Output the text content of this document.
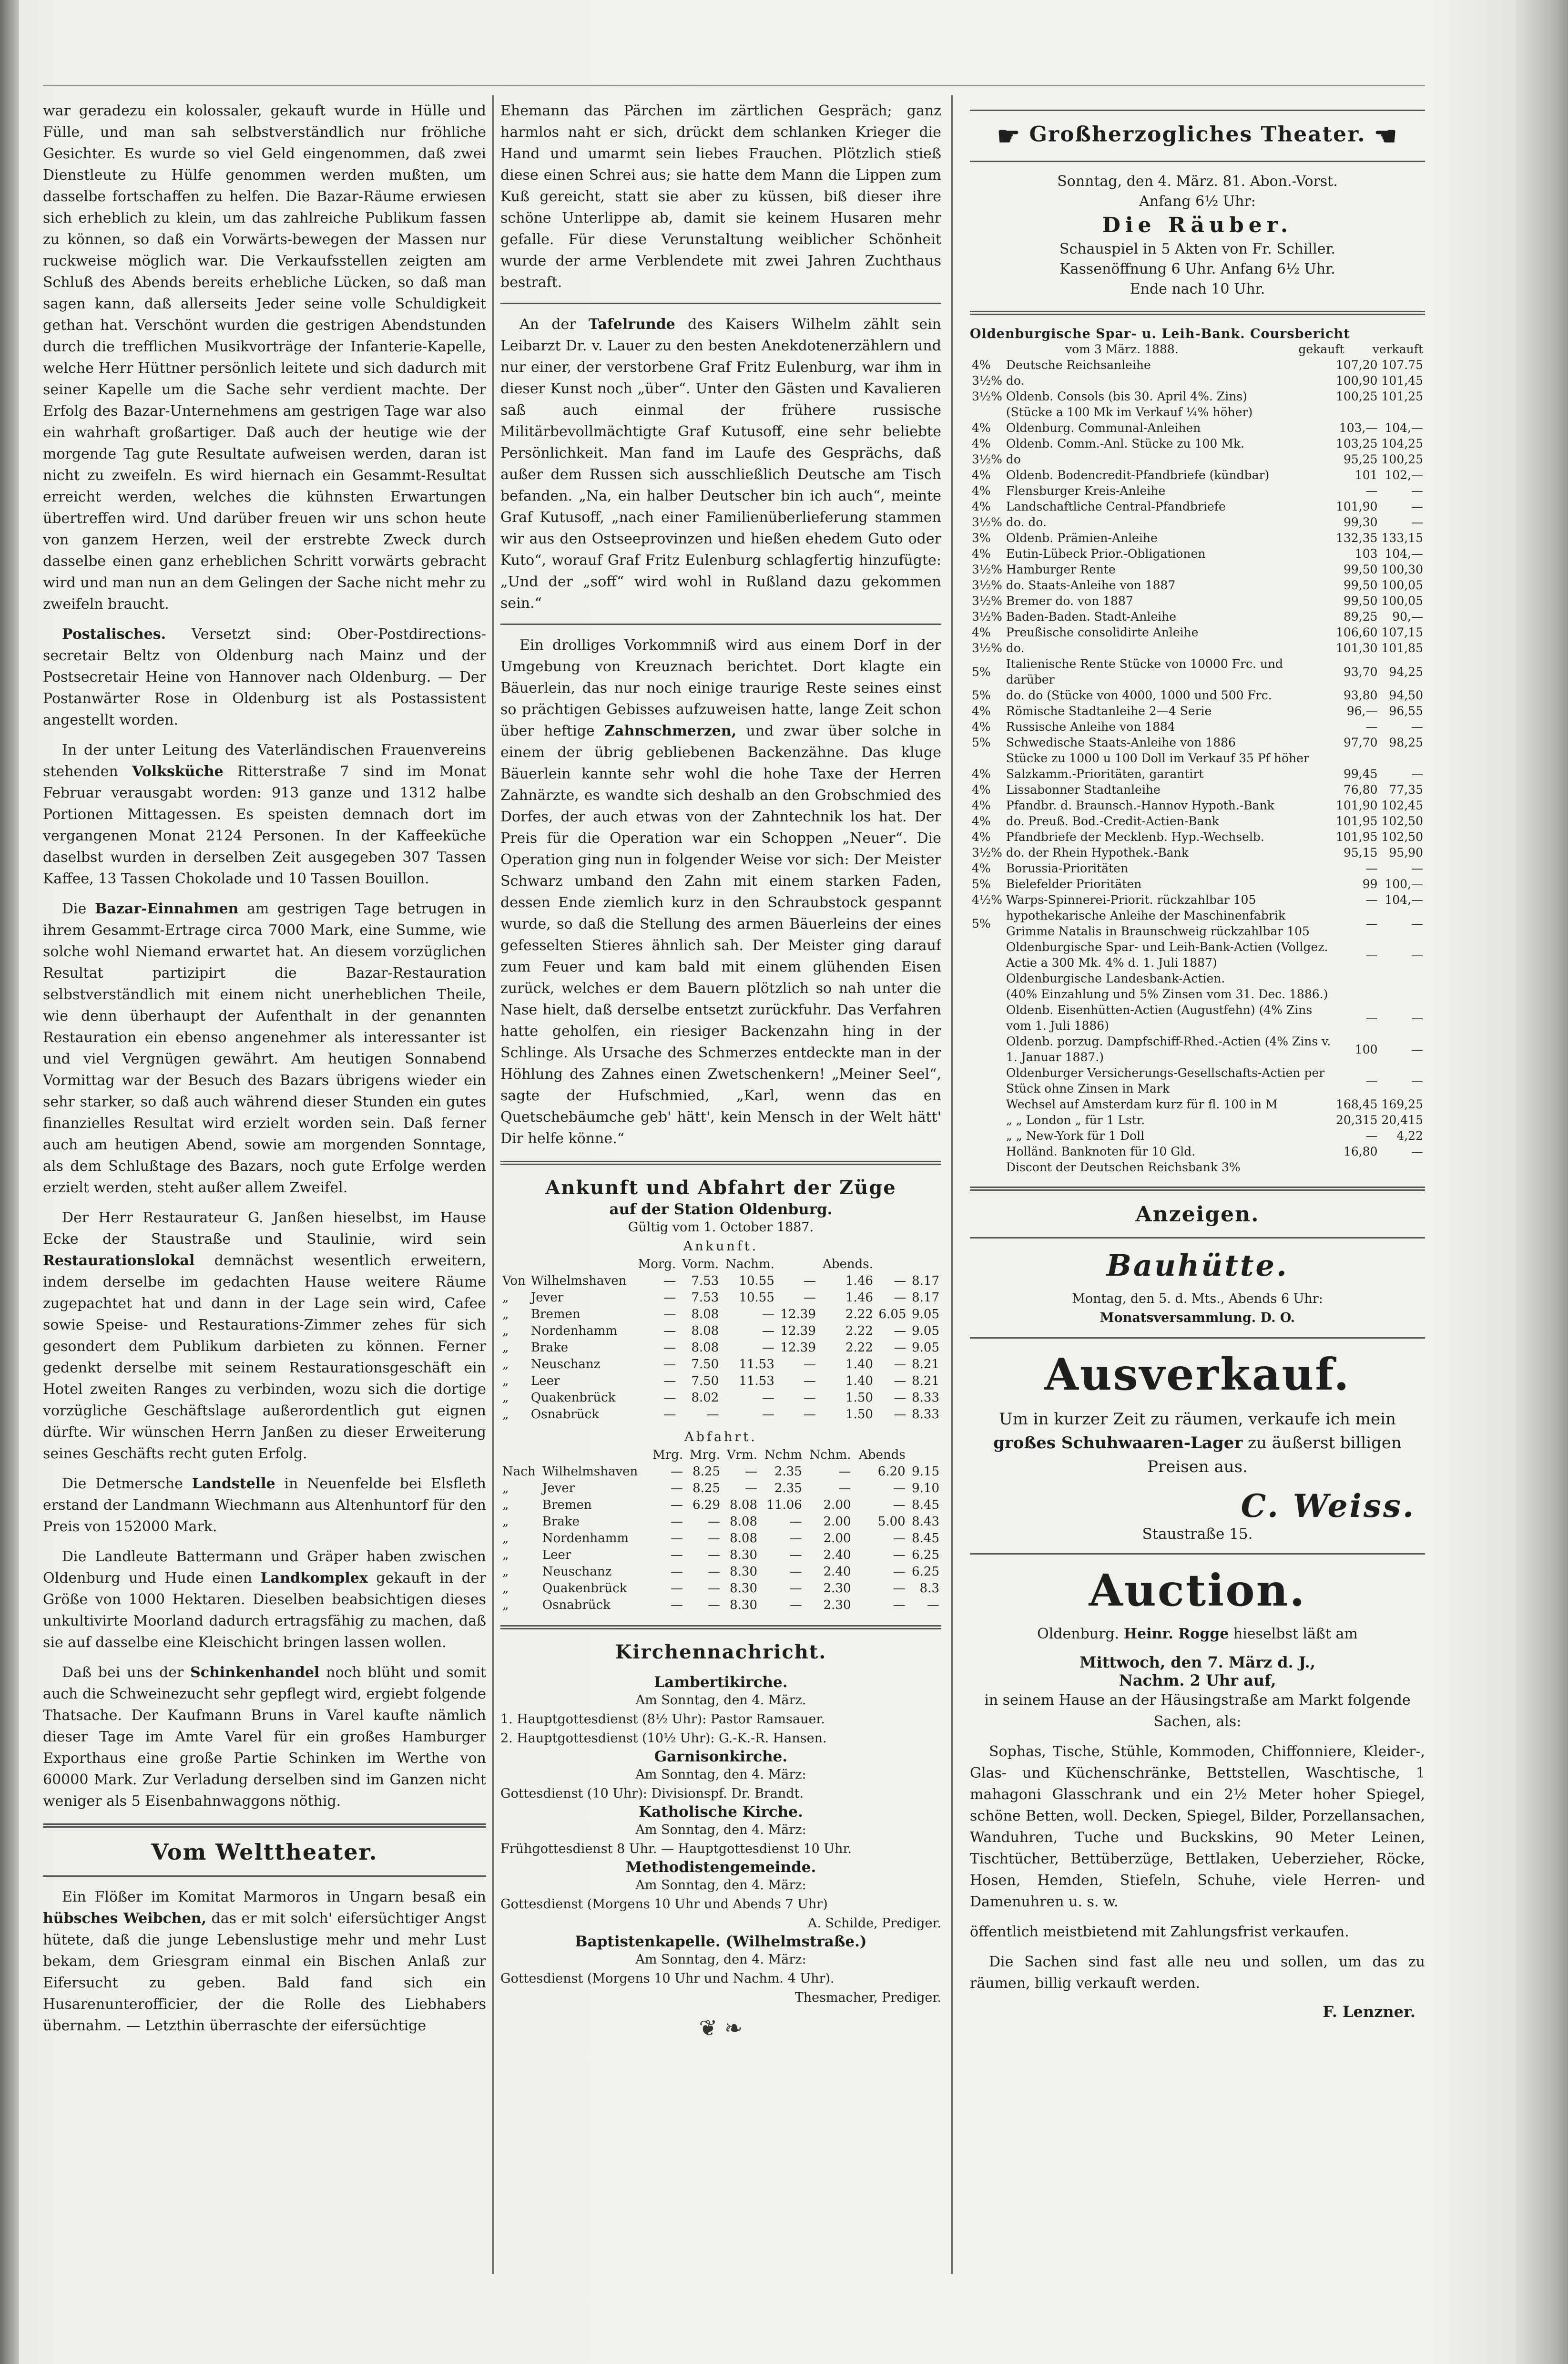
war geradezu ein kolossaler, gekauft wurde in Hülle und Fülle, und man sah selbstverständlich nur fröhliche Gesichter. Es wurde so viel Geld eingenommen, daß zwei Dienstleute zu Hülfe genommen werden mußten, um dasselbe fortschaffen zu helfen. Die Bazar-Räume erwiesen sich erheblich zu klein, um das zahlreiche Publikum fassen zu können, so daß ein Vorwärts-bewegen der Massen nur ruckweise möglich war. Die Verkaufsstellen zeigten am Schluß des Abends bereits erhebliche Lücken, so daß man sagen kann, daß allerseits Jeder seine volle Schuldigkeit gethan hat. Verschönt wurden die gestrigen Abendstunden durch die trefflichen Musikvorträge der Infanterie-Kapelle, welche Herr Hüttner persönlich leitete und sich dadurch mit seiner Kapelle um die Sache sehr verdient machte. Der Erfolg des Bazar-Unternehmens am gestrigen Tage war also ein wahrhaft großartiger. Daß auch der heutige wie der morgende Tag gute Resultate aufweisen werden, daran ist nicht zu zweifeln. Es wird hiernach ein Gesammt-Resultat erreicht werden, welches die kühnsten Erwartungen übertreffen wird. Und darüber freuen wir uns schon heute von ganzem Herzen, weil der erstrebte Zweck durch dasselbe einen ganz erheblichen Schritt vorwärts gebracht wird und man nun an dem Gelingen der Sache nicht mehr zu zweifeln braucht.

Postalisches. Versetzt sind: Ober-Postdirections-secretair Beltz von Oldenburg nach Mainz und der Postsecretair Heine von Hannover nach Oldenburg. — Der Postanwärter Rose in Oldenburg ist als Postassistent angestellt worden.

In der unter Leitung des Vaterländischen Frauenvereins stehenden Volksküche Ritterstraße 7 sind im Monat Februar verausgabt worden: 913 ganze und 1312 halbe Portionen Mittagessen. Es speisten demnach dort im vergangenen Monat 2124 Personen. In der Kaffeeküche daselbst wurden in derselben Zeit ausgegeben 307 Tassen Kaffee, 13 Tassen Chokolade und 10 Tassen Bouillon.

Die Bazar-Einnahmen am gestrigen Tage betrugen in ihrem Gesammt-Ertrage circa 7000 Mark, eine Summe, wie solche wohl Niemand erwartet hat. An diesem vorzüglichen Resultat partizipirt die Bazar-Restauration selbstverständlich mit einem nicht unerheblichen Theile, wie denn überhaupt der Aufenthalt in der genannten Restauration ein ebenso angenehmer als interessanter ist und viel Vergnügen gewährt. Am heutigen Sonnabend Vormittag war der Besuch des Bazars übrigens wieder ein sehr starker, so daß auch während dieser Stunden ein gutes finanzielles Resultat wird erzielt worden sein. Daß ferner auch am heutigen Abend, sowie am morgenden Sonntage, als dem Schlußtage des Bazars, noch gute Erfolge werden erzielt werden, steht außer allem Zweifel.

Der Herr Restaurateur G. Janßen hieselbst, im Hause Ecke der Staustraße und Staulinie, wird sein Restaurationslokal demnächst wesentlich erweitern, indem derselbe im gedachten Hause weitere Räume zugepachtet hat und dann in der Lage sein wird, Cafee sowie Speise- und Restaurations-Zimmer zehes für sich gesondert dem Publikum darbieten zu können. Ferner gedenkt derselbe mit seinem Restaurationsgeschäft ein Hotel zweiten Ranges zu verbinden, wozu sich die dortige vorzügliche Geschäftslage außerordentlich gut eignen dürfte. Wir wünschen Herrn Janßen zu dieser Erweiterung seines Geschäfts recht guten Erfolg.

Die Detmersche Landstelle in Neuenfelde bei Elsfleth erstand der Landmann Wiechmann aus Altenhuntorf für den Preis von 152000 Mark.

Die Landleute Battermann und Gräper haben zwischen Oldenburg und Hude einen Landkomplex gekauft in der Größe von 1000 Hektaren. Dieselben beabsichtigen dieses unkultivirte Moorland dadurch ertragsfähig zu machen, daß sie auf dasselbe eine Kleischicht bringen lassen wollen.

Daß bei uns der Schinkenhandel noch blüht und somit auch die Schweinezucht sehr gepflegt wird, ergiebt folgende Thatsache. Der Kaufmann Bruns in Varel kaufte nämlich dieser Tage im Amte Varel für ein großes Hamburger Exporthaus eine große Partie Schinken im Werthe von 60000 Mark. Zur Verladung derselben sind im Ganzen nicht weniger als 5 Eisenbahnwaggons nöthig.

Vom Welttheater.

Ein Flößer im Komitat Marmoros in Ungarn besaß ein hübsches Weibchen, das er mit solch' eifersüchtiger Angst hütete, daß die junge Lebenslustige mehr und mehr Lust bekam, dem Griesgram einmal ein Bischen Anlaß zur Eifersucht zu geben. Bald fand sich ein Husarenunterofficier, der die Rolle des Liebhabers übernahm. — Letzthin überraschte der eifersüchtige

Ehemann das Pärchen im zärtlichen Gespräch; ganz harmlos naht er sich, drückt dem schlanken Krieger die Hand und umarmt sein liebes Frauchen. Plötzlich stieß diese einen Schrei aus; sie hatte dem Mann die Lippen zum Kuß gereicht, statt sie aber zu küssen, biß dieser ihre schöne Unterlippe ab, damit sie keinem Husaren mehr gefalle. Für diese Verunstaltung weiblicher Schönheit wurde der arme Verblendete mit zwei Jahren Zuchthaus bestraft.

An der Tafelrunde des Kaisers Wilhelm zählt sein Leibarzt Dr. v. Lauer zu den besten Anekdotenerzählern und nur einer, der verstorbene Graf Fritz Eulenburg, war ihm in dieser Kunst noch „über“. Unter den Gästen und Kavalieren saß auch einmal der frühere russische Militärbevollmächtigte Graf Kutusoff, eine sehr beliebte Persönlichkeit. Man fand im Laufe des Gesprächs, daß außer dem Russen sich ausschließlich Deutsche am Tisch befanden. „Na, ein halber Deutscher bin ich auch“, meinte Graf Kutusoff, „nach einer Familienüberlieferung stammen wir aus den Ostseeprovinzen und hießen ehedem Guto oder Kuto“, worauf Graf Fritz Eulenburg schlagfertig hinzufügte: „Und der „soff“ wird wohl in Rußland dazu gekommen sein.“

Ein drolliges Vorkommniß wird aus einem Dorf in der Umgebung von Kreuznach berichtet. Dort klagte ein Bäuerlein, das nur noch einige traurige Reste seines einst so prächtigen Gebisses aufzuweisen hatte, lange Zeit schon über heftige Zahnschmerzen, und zwar über solche in einem der übrig gebliebenen Backenzähne. Das kluge Bäuerlein kannte sehr wohl die hohe Taxe der Herren Zahnärzte, es wandte sich deshalb an den Grobschmied des Dorfes, der auch etwas von der Zahntechnik los hat. Der Preis für die Operation war ein Schoppen „Neuer“. Die Operation ging nun in folgender Weise vor sich: Der Meister Schwarz umband den Zahn mit einem starken Faden, dessen Ende ziemlich kurz in den Schraubstock gespannt wurde, so daß die Stellung des armen Bäuerleins der eines gefesselten Stieres ähnlich sah. Der Meister ging darauf zum Feuer und kam bald mit einem glühenden Eisen zurück, welches er dem Bauern plötzlich so nah unter die Nase hielt, daß derselbe entsetzt zurückfuhr. Das Verfahren hatte geholfen, ein riesiger Backenzahn hing in der Schlinge. Als Ursache des Schmerzes entdeckte man in der Höhlung des Zahnes einen Zwetschenkern! „Meiner Seel“, sagte der Hufschmied, „Karl, wenn das en Quetschebäumche geb' hätt', kein Mensch in der Welt hätt' Dir helfe könne.“

Ankunft und Abfahrt der Züge
auf der Station Oldenburg.
Gültig vom 1. October 1887.
Ankunft.
		Morg.	Vorm.	Nachm.		Abends.		
Von	Wilhelmshaven	—	7.53	10.55	—	1.46	—	8.17
„	Jever	—	7.53	10.55	—	1.46	—	8.17
„	Bremen	—	8.08	—	12.39	2.22	6.05	9.05
„	Nordenhamm	—	8.08	—	12.39	2.22	—	9.05
„	Brake	—	8.08	—	12.39	2.22	—	9.05
„	Neuschanz	—	7.50	11.53	—	1.40	—	8.21
„	Leer	—	7.50	11.53	—	1.40	—	8.21
„	Quakenbrück	—	8.02	—	—	1.50	—	8.33
„	Osnabrück	—	—	—	—	1.50	—	8.33
Abfahrt.
		Mrg.	Mrg.	Vrm.	Nchm	Nchm.	Abends	
Nach	Wilhelmshaven	—	8.25	—	2.35	—	6.20	9.15
„	Jever	—	8.25	—	2.35	—	—	9.10
„	Bremen	—	6.29	8.08	11.06	2.00	—	8.45
„	Brake	—	—	8.08	—	2.00	5.00	8.43
„	Nordenhamm	—	—	8.08	—	2.00	—	8.45
„	Leer	—	—	8.30	—	2.40	—	6.25
„	Neuschanz	—	—	8.30	—	2.40	—	6.25
„	Quakenbrück	—	—	8.30	—	2.30	—	8.3
„	Osnabrück	—	—	8.30	—	2.30	—	—
Kirchennachricht.
Lambertikirche.
Am Sonntag, den 4. März.
1. Hauptgottesdienst (8½ Uhr): Pastor Ramsauer.
2. Hauptgottesdienst (10½ Uhr): G.-K.-R. Hansen.
Garnisonkirche.
Am Sonntag, den 4. März:
Gottesdienst (10 Uhr): Divisionspf. Dr. Brandt.
Katholische Kirche.
Am Sonntag, den 4. März:
Frühgottesdienst 8 Uhr. — Hauptgottesdienst 10 Uhr.
Methodistengemeinde.
Am Sonntag, den 4. März:
Gottesdienst (Morgens 10 Uhr und Abends 7 Uhr)
A. Schilde, Prediger.
Baptistenkapelle. (Wilhelmstraße.)
Am Sonntag, den 4. März:
Gottesdienst (Morgens 10 Uhr und Nachm. 4 Uhr).
Thesmacher, Prediger.
❦ ❧
☛ Großherzogliches Theater. ☚
Sonntag, den 4. März. 81. Abon.-Vorst.
Anfang 6½ Uhr:
Die Räuber.
Schauspiel in 5 Akten von Fr. Schiller.
Kassenöffnung 6 Uhr. Anfang 6½ Uhr.
Ende nach 10 Uhr.
Oldenburgische Spar- u. Leih-Bank. Coursbericht
vom 3 März. 1888.	gekauft	verkauft
4%	Deutsche Reichsanleihe	107,20	107.75
3½%	do.	100,90	101,45
3½%	Oldenb. Consols (bis 30. April 4%. Zins)	100,25	101,25
	(Stücke a 100 Mk im Verkauf ¼% höher)		
4%	Oldenburg. Communal-Anleihen	103,—	104,—
4%	Oldenb. Comm.-Anl. Stücke zu 100 Mk.	103,25	104,25
3½%	do	95,25	100,25
4%	Oldenb. Bodencredit-Pfandbriefe (kündbar)	101	102,—
4%	Flensburger Kreis-Anleihe	—	—
4%	Landschaftliche Central-Pfandbriefe	101,90	—
3½%	do. do.	99,30	—
3%	Oldenb. Prämien-Anleihe	132,35	133,15
4%	Eutin-Lübeck Prior.-Obligationen	103	104,—
3½%	Hamburger Rente	99,50	100,30
3½%	do. Staats-Anleihe von 1887	99,50	100,05
3½%	Bremer do. von 1887	99,50	100,05
3½%	Baden-Baden. Stadt-Anleihe	89,25	90,—
4%	Preußische consolidirte Anleihe	106,60	107,15
3½%	do.	101,30	101,85
5%	Italienische Rente Stücke von 10000 Frc. und darüber	93,70	94,25
5%	do. do (Stücke von 4000, 1000 und 500 Frc.	93,80	94,50
4%	Römische Stadtanleihe 2—4 Serie	96,—	96,55
4%	Russische Anleihe von 1884	—	—
5%	Schwedische Staats-Anleihe von 1886	97,70	98,25
	Stücke zu 1000 u 100 Doll im Verkauf 35 Pf höher		
4%	Salzkamm.-Prioritäten, garantirt	99,45	—
4%	Lissabonner Stadtanleihe	76,80	77,35
4%	Pfandbr. d. Braunsch.-Hannov Hypoth.-Bank	101,90	102,45
4%	do. Preuß. Bod.-Credit-Actien-Bank	101,95	102,50
4%	Pfandbriefe der Mecklenb. Hyp.-Wechselb.	101,95	102,50
3½%	do. der Rhein Hypothek.-Bank	95,15	95,90
4%	Borussia-Prioritäten	—	—
5%	Bielefelder Prioritäten	99	100,—
4½%	Warps-Spinnerei-Priorit. rückzahlbar 105	—	104,—
5%	hypothekarische Anleihe der Maschinenfabrik Grimme Natalis in Braunschweig rückzahlbar 105	—	—
	Oldenburgische Spar- und Leih-Bank-Actien (Vollgez. Actie a 300 Mk. 4% d. 1. Juli 1887)	—	—
	Oldenburgische Landesbank-Actien.		
	(40% Einzahlung und 5% Zinsen vom 31. Dec. 1886.)		
	Oldenb. Eisenhütten-Actien (Augustfehn) (4% Zins vom 1. Juli 1886)	—	—
	Oldenb. porzug. Dampfschiff-Rhed.-Actien (4% Zins v. 1. Januar 1887.)	100	—
	Oldenburger Versicherungs-Gesellschafts-Actien per Stück ohne Zinsen in Mark	—	—
	Wechsel auf Amsterdam kurz für fl. 100 in M	168,45	169,25
	„ „ London „ für 1 Lstr.	20,315	20,415
	„ „ New-York für 1 Doll	—	4,22
	Holländ. Banknoten für 10 Gld.	16,80	—
	Discont der Deutschen Reichsbank 3%		
Anzeigen.
Bauhütte.
Montag, den 5. d. Mts., Abends 6 Uhr:
Monatsversammlung. D. O.
Ausverkauf.

Um in kurzer Zeit zu räumen, verkaufe ich mein großes Schuhwaaren-Lager zu äußerst billigen Preisen aus.

C. Weiss.
Staustraße 15.
Auction.

Oldenburg. Heinr. Rogge hieselbst läßt am

Mittwoch, den 7. März d. J.,
Nachm. 2 Uhr auf,

in seinem Hause an der Häusingstraße am Markt folgende Sachen, als:

Sophas, Tische, Stühle, Kommoden, Chiffonniere, Kleider-, Glas- und Küchenschränke, Bettstellen, Waschtische, 1 mahagoni Glasschrank und ein 2½ Meter hoher Spiegel, schöne Betten, woll. Decken, Spiegel, Bilder, Porzellansachen, Wanduhren, Tuche und Buckskins, 90 Meter Leinen, Tischtücher, Bettüberzüge, Bettlaken, Ueberzieher, Röcke, Hosen, Hemden, Stiefeln, Schuhe, viele Herren- und Damenuhren u. s. w.

öffentlich meistbietend mit Zahlungsfrist verkaufen.

Die Sachen sind fast alle neu und sollen, um das zu räumen, billig verkauft werden.

F. Lenzner.
